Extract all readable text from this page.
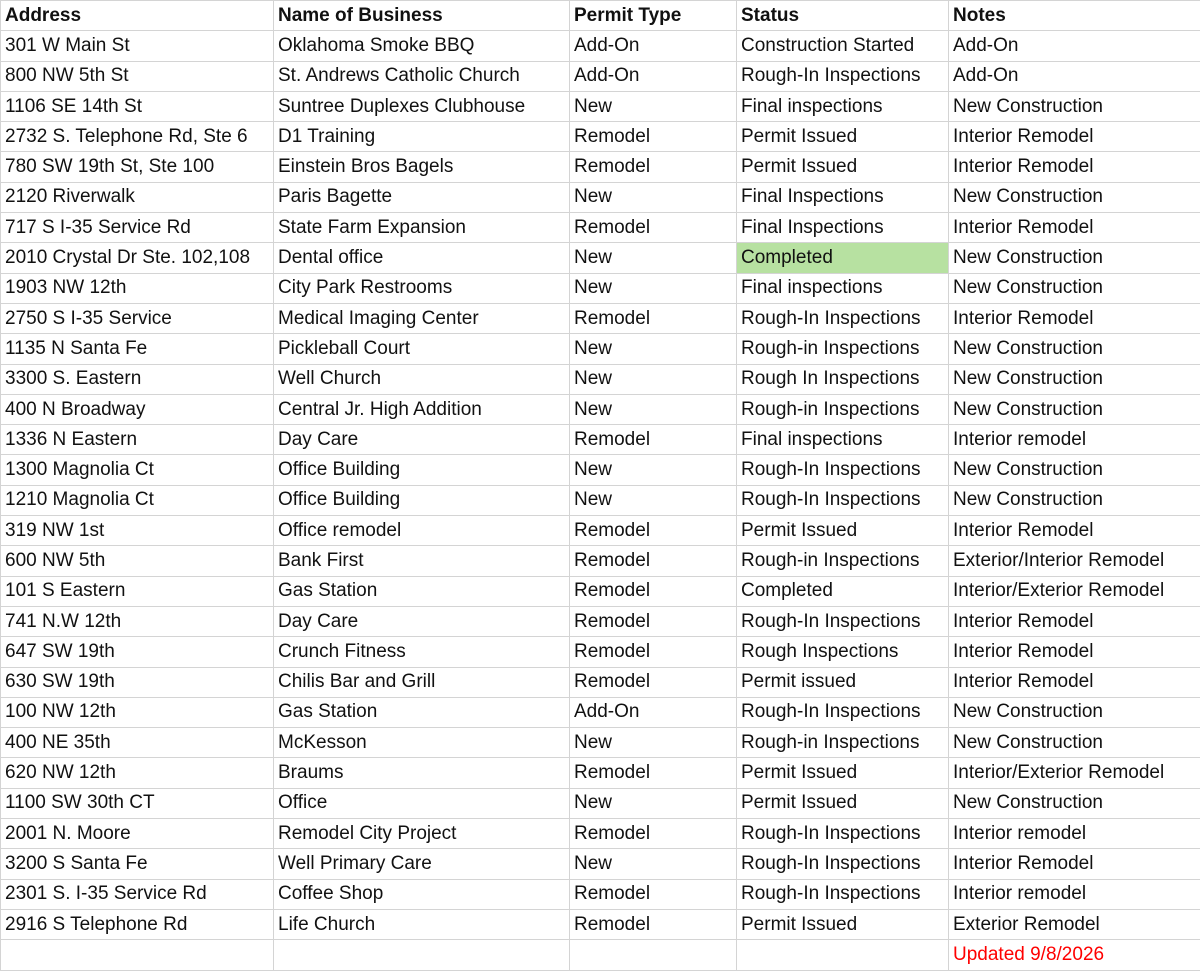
Address	Name of Business	Permit Type	Status	Notes
301 W Main St	Oklahoma Smoke BBQ	Add-On	Construction Started	Add-On
800 NW 5th St	St. Andrews Catholic Church	Add-On	Rough-In Inspections	Add-On
1106 SE 14th St	Suntree Duplexes Clubhouse	New	Final inspections	New Construction
2732 S. Telephone Rd, Ste 6	D1 Training	Remodel	Permit Issued	Interior Remodel
780 SW 19th St, Ste 100	Einstein Bros Bagels	Remodel	Permit Issued	Interior Remodel
2120 Riverwalk	Paris Bagette	New	Final Inspections	New Construction
717 S I-35 Service Rd	State Farm Expansion	Remodel	Final Inspections	Interior Remodel
2010 Crystal Dr Ste. 102,108	Dental office	New	Completed	New Construction
1903 NW 12th	City Park Restrooms	New	Final inspections	New Construction
2750 S I-35 Service	Medical Imaging Center	Remodel	Rough-In Inspections	Interior Remodel
1135 N Santa Fe	Pickleball Court	New	Rough-in Inspections	New Construction
3300 S. Eastern	Well Church	New	Rough In Inspections	New Construction
400 N Broadway	Central Jr. High Addition	New	Rough-in Inspections	New Construction
1336 N Eastern	Day Care	Remodel	Final inspections	Interior remodel
1300 Magnolia Ct	Office Building	New	Rough-In Inspections	New Construction
1210 Magnolia Ct	Office Building	New	Rough-In Inspections	New Construction
319 NW 1st	Office remodel	Remodel	Permit Issued	Interior Remodel
600 NW 5th	Bank First	Remodel	Rough-in Inspections	Exterior/Interior Remodel
101 S Eastern	Gas Station	Remodel	Completed	Interior/Exterior Remodel
741 N.W 12th	Day Care	Remodel	Rough-In Inspections	Interior Remodel
647 SW 19th	Crunch Fitness	Remodel	Rough Inspections	Interior Remodel
630 SW 19th	Chilis Bar and Grill	Remodel	Permit issued	Interior Remodel
100 NW 12th	Gas Station	Add-On	Rough-In Inspections	New Construction
400 NE 35th	McKesson	New	Rough-in Inspections	New Construction
620 NW 12th	Braums	Remodel	Permit Issued	Interior/Exterior Remodel
1100 SW 30th CT	Office	New	Permit Issued	New Construction
2001 N. Moore	Remodel City Project	Remodel	Rough-In Inspections	Interior remodel
3200 S Santa Fe	Well Primary Care	New	Rough-In Inspections	Interior Remodel
2301 S. I-35 Service Rd	Coffee Shop	Remodel	Rough-In Inspections	Interior remodel
2916 S Telephone Rd	Life Church	Remodel	Permit Issued	Exterior Remodel
				Updated 9/8/2026
